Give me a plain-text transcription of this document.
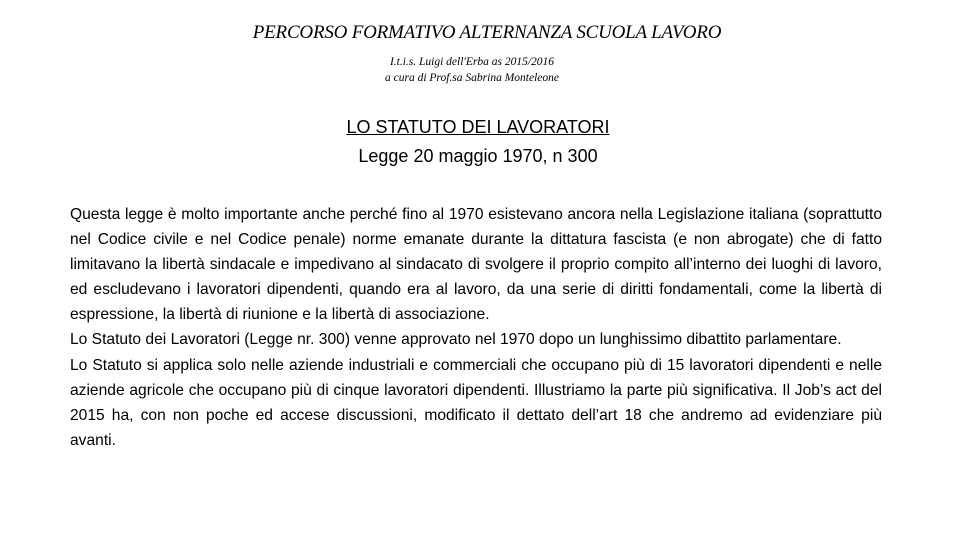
PERCORSO FORMATIVO ALTERNANZA SCUOLA LAVORO
I.t.i.s. Luigi dell'Erba as 2015/2016
a cura di Prof.sa Sabrina Monteleone
LO STATUTO DEI LAVORATORI
Legge 20 maggio 1970, n 300

Questa legge è molto importante anche perché fino al 1970 esistevano ancora nella Legislazione italiana (soprattutto nel Codice civile e nel Codice penale) norme emanate durante la dittatura fascista (e non abrogate) che di fatto limitavano la libertà sindacale e impedivano al sindacato di svolgere il proprio compito all’interno dei luoghi di lavoro, ed escludevano i lavoratori dipendenti, quando era al lavoro, da una serie di diritti fondamentali, come la libertà di espressione, la libertà di riunione e la libertà di associazione.

Lo Statuto dei Lavoratori (Legge nr. 300) venne approvato nel 1970 dopo un lunghissimo dibattito parlamentare.

Lo Statuto si applica solo nelle aziende industriali e commerciali che occupano più di 15 lavoratori dipendenti e nelle aziende agricole che occupano più di cinque lavoratori dipendenti. Illustriamo la parte più significativa. Il Job’s act del 2015 ha, con non poche ed accese discussioni, modificato il dettato dell’art 18 che andremo ad evidenziare più avanti.
